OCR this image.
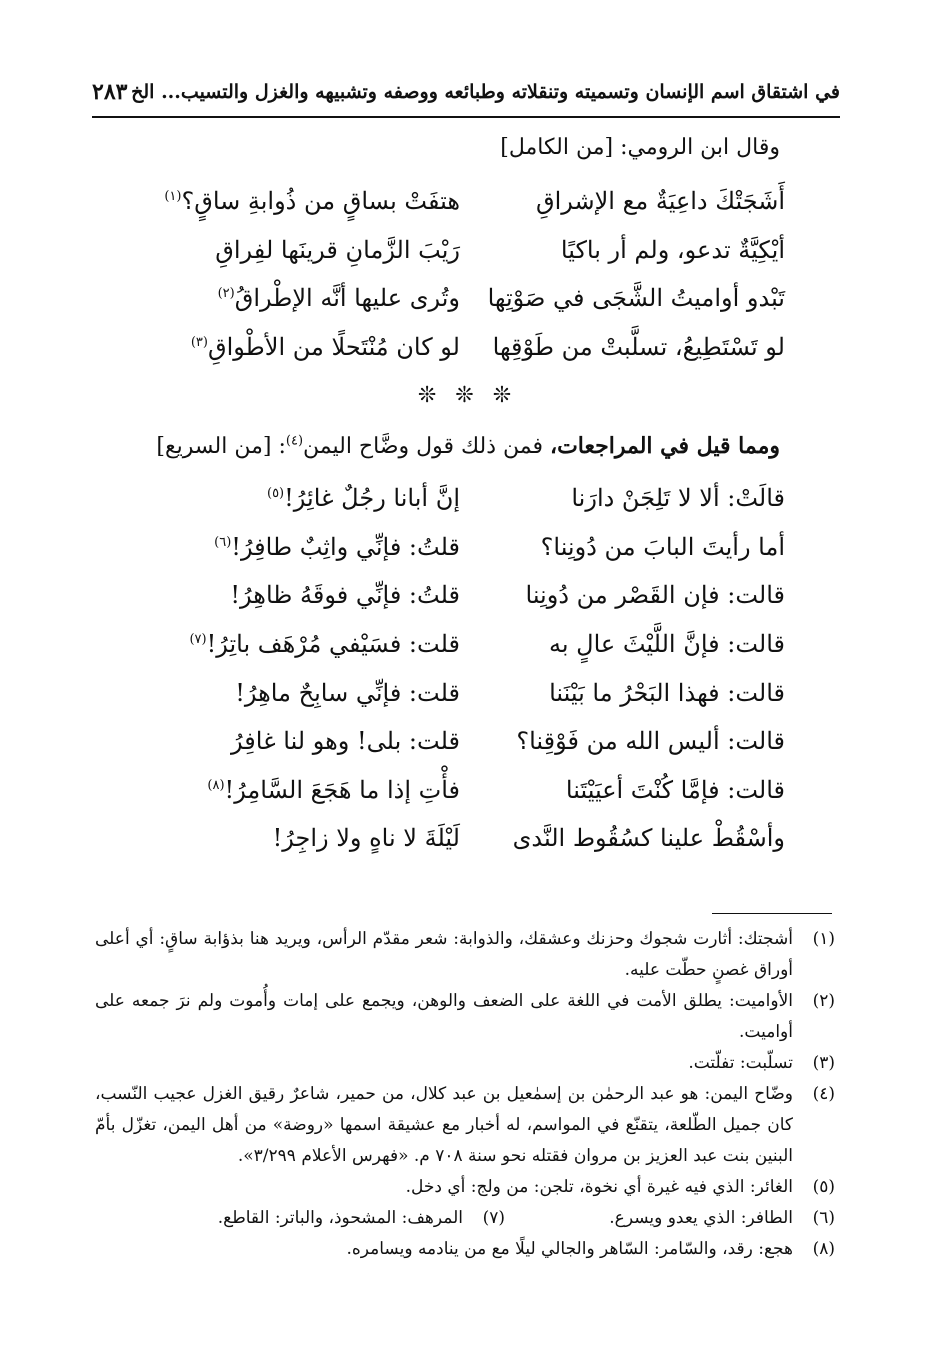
في اشتقاق اسم الإنسان وتسميته وتنقلاته وطبائعه ووصفه وتشبيهه والغزل والتسيب... الخ
٢٨٣
وقال ابن الرومي: [من الكامل]
أَشَجَتْكَ داعِيَةٌ مع الإشراقِ
هتفَتْ بساقٍ من ذُوابةِ ساقٍ؟$^{(١)}$
أيْكِيَّةٌ تدعو، ولم أر باكيًا
رَيْبَ الزَّمانِ قرينَها لفِراقِ
تَبْدو أواميتُ الشَّجَى في صَوْتِها
وتُرى عليها أنَّه الإطْراقُ$^{(٢)}$
لو تَسْتَطِيعُ، تسلَّبتْ من طَوْقِها
لو كان مُنْتَحلًا من الأطْواقِ$^{(٣)}$
❊ ❊ ❊
ومما قيل في المراجعات، فمن ذلك قول وضَّاح اليمن$^{(٤)}$: [من السريع]
قالَتْ: ألا لا تَلِجَنْ دارَنا
إنَّ أبانا رجُلٌ غائِرُ!$^{(٥)}$
أما رأيتَ البابَ من دُونِنا؟
قلتُ: فإنِّي واثِبٌ طافِرُ!$^{(٦)}$
قالت: فإن القَصْر من دُونِنا
قلتُ: فإنِّي فوقَهُ ظاهِرُ!
قالت: فإنَّ اللَّيْثَ عالٍ به
قلت: فسَيْفي مُرْهَف باتِرُ!$^{(٧)}$
قالت: فهذا البَحْرُ ما بَيْنَنا
قلت: فإنِّي سابِحٌ ماهِرُ!
قالت: أليس الله من فَوْقِنا؟
قلت: بلى! وهو لنا غافِرُ
قالت: فإمَّا كُنْتَ أعيَيْتَنا
فأْتِ إذا ما هَجَعَ السَّامِرُ!$^{(٨)}$
وأسْقُطْ علينا كسُقُوط النَّدى
لَيْلَةَ لا ناهٍ ولا زاجِرُ!
(١)
أشجتك: أثارت شجوك وحزنك وعشقك، والذوابة: شعر مقدّم الرأس، ويريد هنا بذؤابة ساقٍ: أي أعلى أوراق غصنٍ حطّت عليه.
(٢)
الأواميت: يطلق الأمت في اللغة على الضعف والوهن، ويجمع على إمات وأُموت ولم نرَ جمعه على أواميت.
(٣)
تسلّبت: تفلّتت.
(٤)
وضّاح اليمن: هو عبد الرحمٰن بن إسمٰعيل بن عبد كلال، من حمير، شاعرٌ رقيق الغزل عجيب النّسب، كان جميل الطّلعة، يتقنّع في المواسم، له أخبار مع عشيقة اسمها «روضة» من أهل اليمن، تغزّل بأمّ البنين بنت عبد العزيز بن مروان فقتله نحو سنة ٧٠٨ م. «فهرس الأعلام ٣/٢٩٩».
(٥)
الغائر: الذي فيه غيرة أي نخوة، تلجن: من ولج: أي دخل.
(٦)
الطافر: الذي يعدو ويسرع.
(٧)
المرهف: المشحوذ، والباتر: القاطع.
(٨)
هجع: رقد، والسّامر: السّاهر والجالي ليلًا مع من ينادمه ويسامره.
